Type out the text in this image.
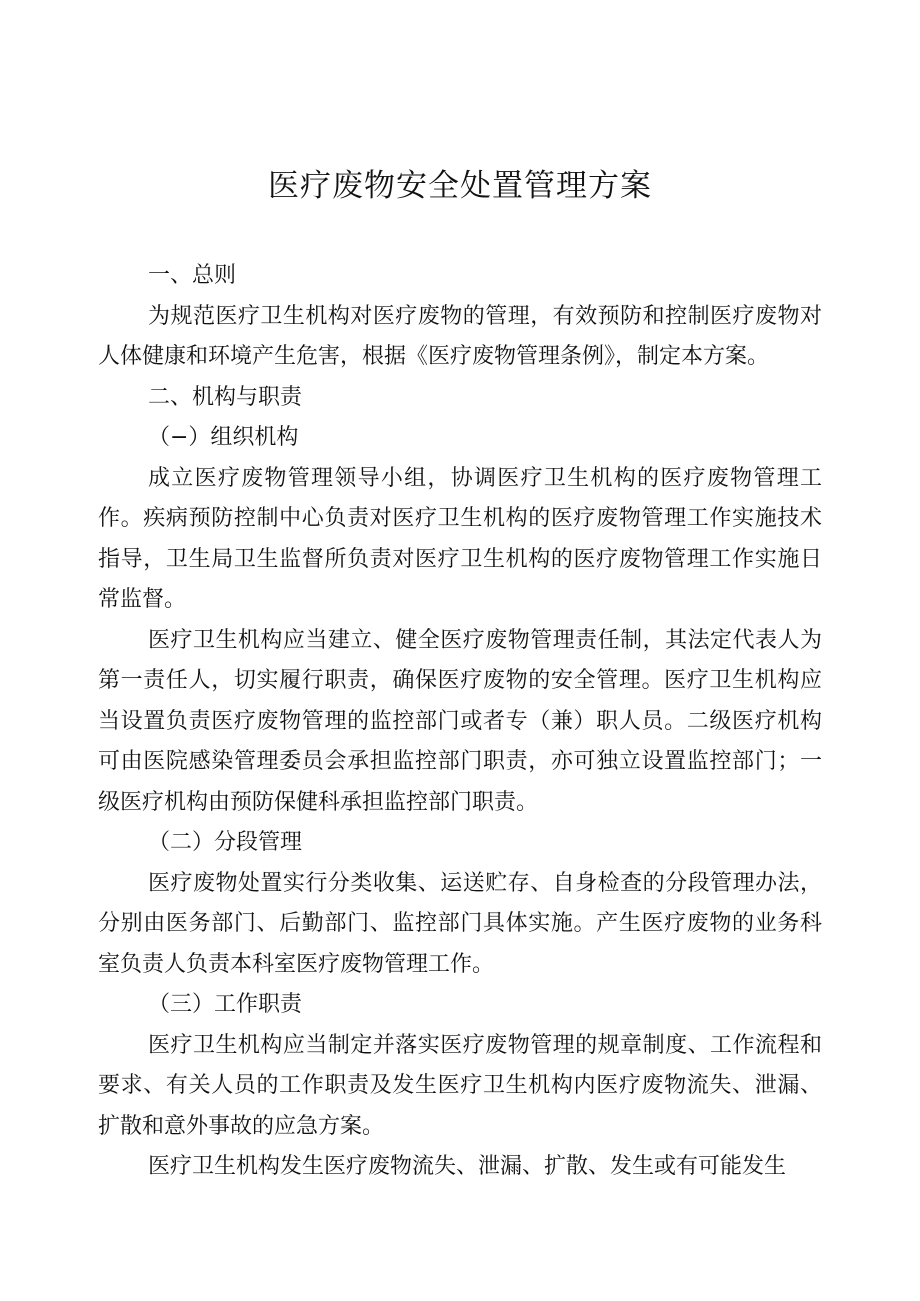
医疗废物安全处置管理方案

一、总则

为规范医疗卫生机构对医疗废物的管理，有效预防和控制医疗废物对人体健康和环境产生危害，根据《医疗废物管理条例》，制定本方案。

二、机构与职责

（−）组织机构

成立医疗废物管理领导小组，协调医疗卫生机构的医疗废物管理工作。疾病预防控制中心负责对医疗卫生机构的医疗废物管理工作实施技术指导，卫生局卫生监督所负责对医疗卫生机构的医疗废物管理工作实施日常监督。

医疗卫生机构应当建立、健全医疗废物管理责任制，其法定代表人为第一责任人，切实履行职责，确保医疗废物的安全管理。医疗卫生机构应当设置负责医疗废物管理的监控部门或者专（兼）职人员。二级医疗机构可由医院感染管理委员会承担监控部门职责，亦可独立设置监控部门；一级医疗机构由预防保健科承担监控部门职责。

（二）分段管理

医疗废物处置实行分类收集、运送贮存、自身检查的分段管理办法，分别由医务部门、后勤部门、监控部门具体实施。产生医疗废物的业务科室负责人负责本科室医疗废物管理工作。

（三）工作职责

医疗卫生机构应当制定并落实医疗废物管理的规章制度、工作流程和要求、有关人员的工作职责及发生医疗卫生机构内医疗废物流失、泄漏、扩散和意外事故的应急方案。

医疗卫生机构发生医疗废物流失、泄漏、扩散、发生或有可能发生
